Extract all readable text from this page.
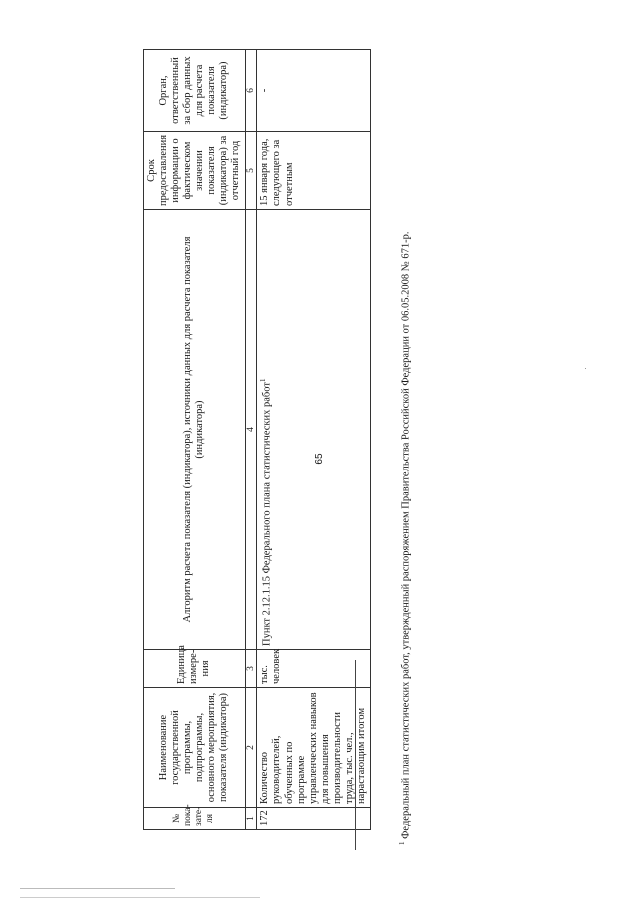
65
№ пока-зате-ля	Наименование государственной программы, подпрограммы, основного мероприятия, показателя (индикатора)	Единица измере-ния	Алгоритм расчета показателя (индикатора), источники данных для расчета показателя (индикатора)	Срок предоставления информации о фактическом значении показателя (индикатора) за отчетный год	Орган, ответственный за сбор данных для расчета показателя (индикатора)
1	2	3	4	5	6
172	Количество руководителей, обученных по программе управленческих навыков для повышения производительности труда, тыс. чел., нарастающим итогом	тыс. человек	Пункт 2.12.1.15 Федерального плана статистических работ$^1$	15 января года, следующего за отчетным	-
$^1$ Федеральный план статистических работ, утвержденный распоряжением Правительства Российской Федерации от 06.05.2008 № 671-р.
